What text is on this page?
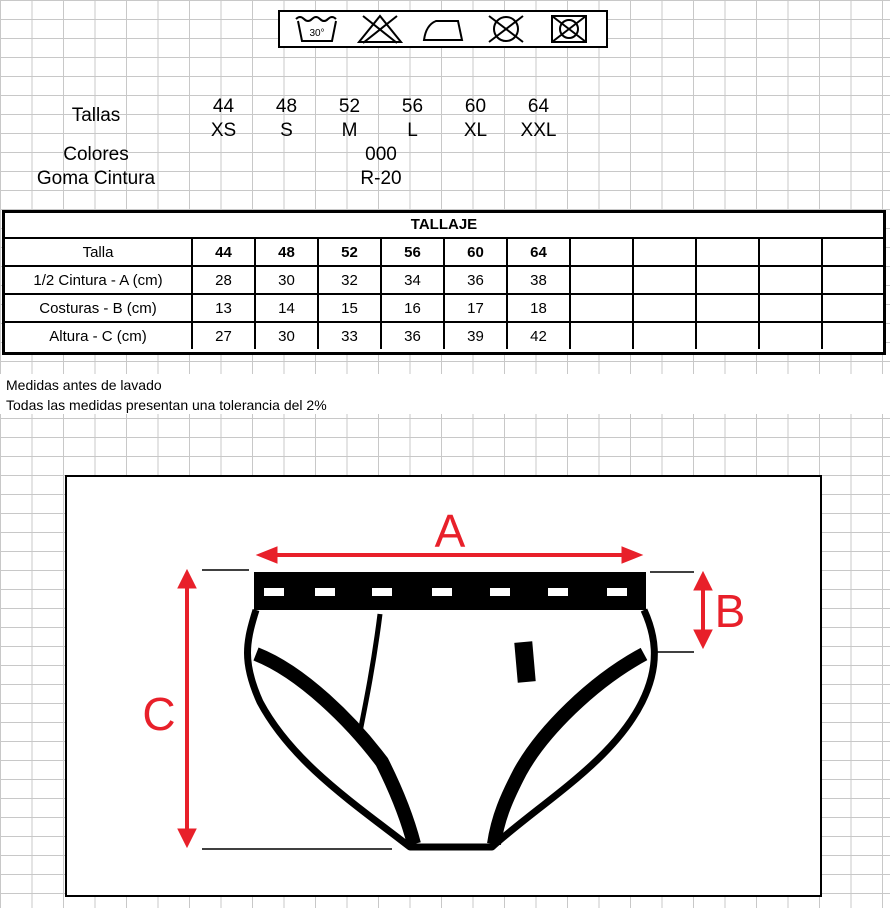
30°
Tallas	44	48	52	56	60	64
XS	S	M	L	XL	XXL
Colores	000
Goma Cintura	R-20
TALLAJE
Talla	44	48	52	56	60	64					
1/2 Cintura - A (cm)	28	30	32	34	36	38					
Costuras - B (cm)	13	14	15	16	17	18					
Altura - C (cm)	27	30	33	36	39	42					
Medidas antes de lavado
Todas las medidas presentan una tolerancia del 2%
A
B
C
